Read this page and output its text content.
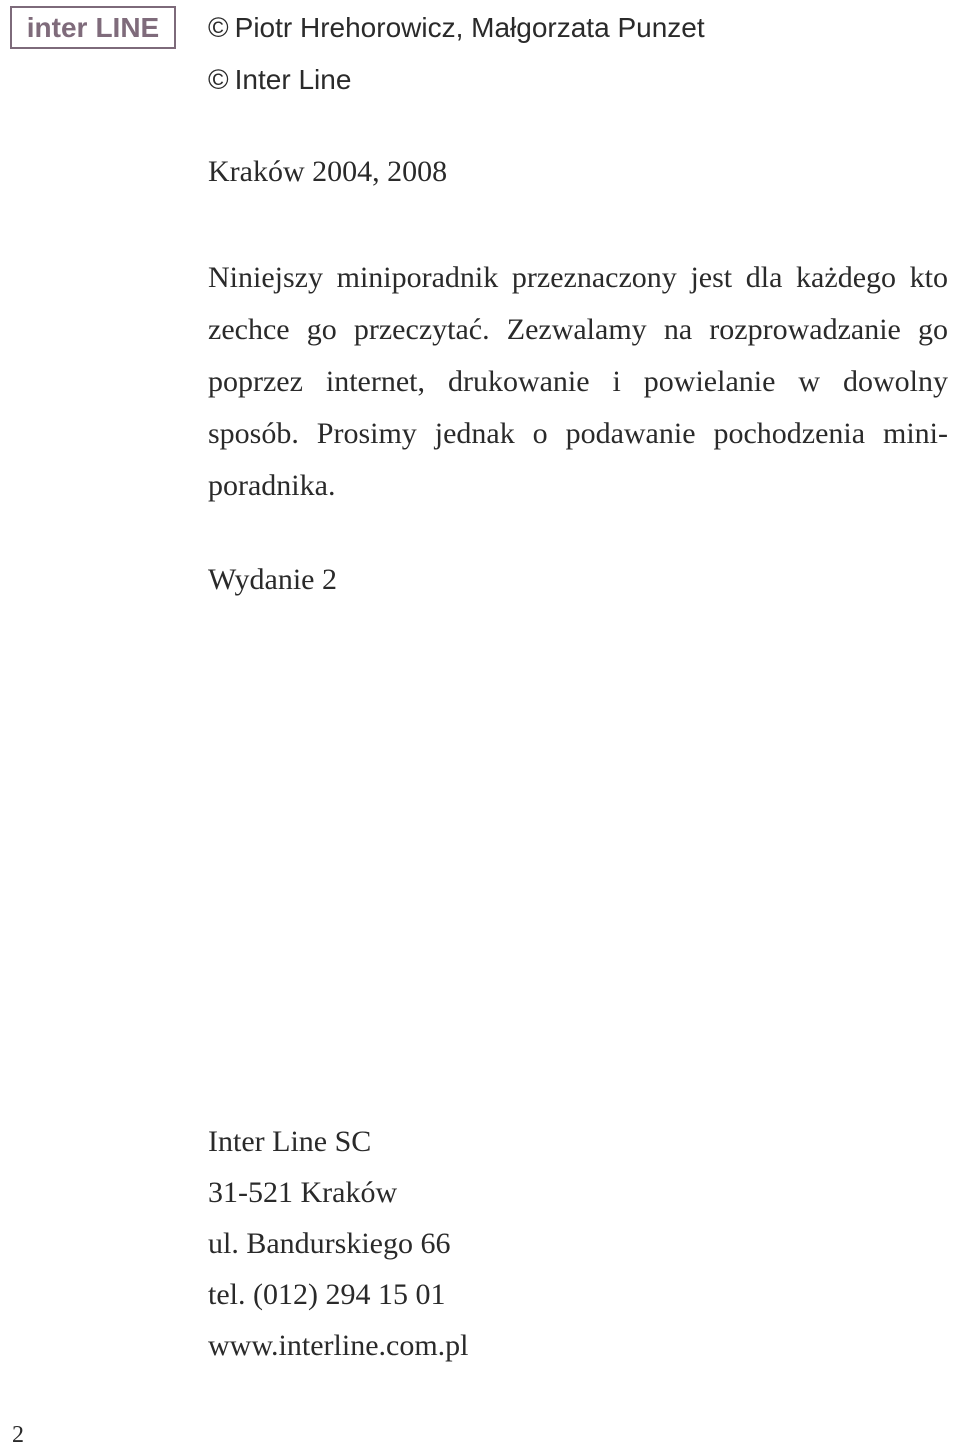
inter LINE © Piotr Hrehorowicz, Małgorzata Punzet
© Inter Line
Kraków 2004, 2008
Niniejszy miniporadnik przeznaczony jest dla każdego kto zechce go przeczytać. Zezwalamy na rozprowadzanie go poprzez internet, drukowanie i powielanie w dowolny sposób. Prosimy jednak o podawanie pochodzenia miniporadnika.
Wydanie 2
Inter Line SC
31-521 Kraków
ul. Bandurskiego 66
tel. (012) 294 15 01
www.interline.com.pl
2
